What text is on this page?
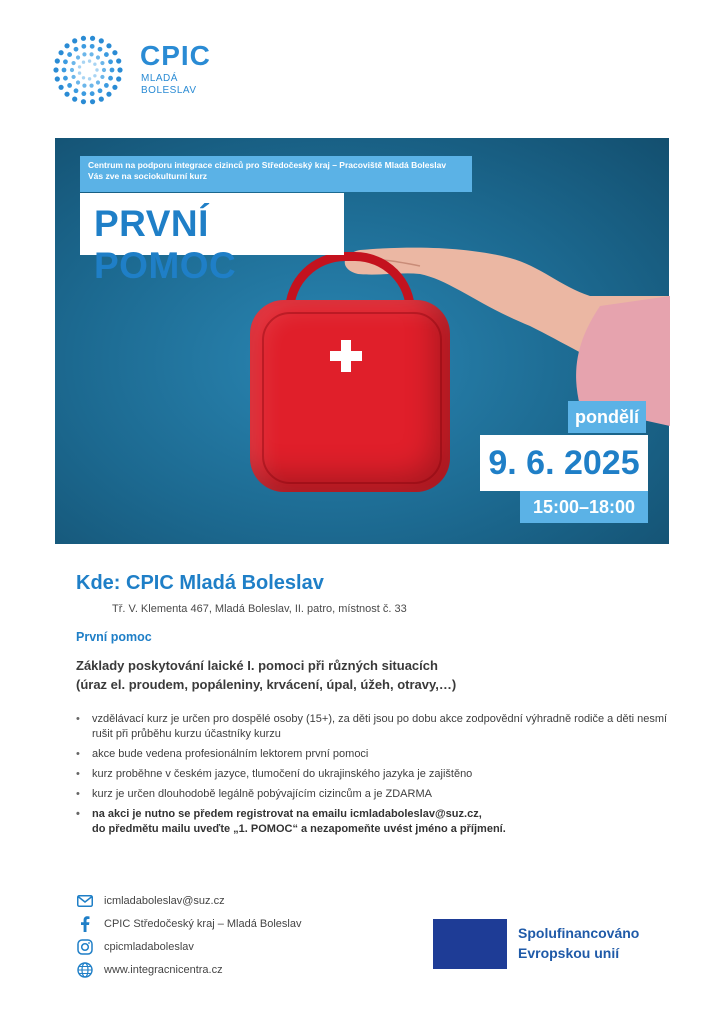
CPIC
MLADÁ
BOLESLAV
Centrum na podporu integrace cizinců pro Středočeský kraj – Pracoviště Mladá Boleslav
Vás zve na sociokulturní kurz
PRVNÍ POMOC
pondělí
9. 6. 2025
15:00–18:00
Kde: CPIC Mladá Boleslav
Tř. V. Klementa 467, Mladá Boleslav, II. patro, místnost č. 33
První pomoc
Základy poskytování laické I. pomoci při různých situacích
(úraz el. proudem, popáleniny, krvácení, úpal, úžeh, otravy,…)
• vzdělávací kurz je určen pro dospělé osoby (15+), za děti jsou po dobu akce zodpovědní výhradně rodiče a děti nesmí rušit při průběhu kurzu účastníky kurzu
• akce bude vedena profesionálním lektorem první pomoci
• kurz proběhne v českém jazyce, tlumočení do ukrajinského jazyka je zajištěno
• kurz je určen dlouhodobě legálně pobývajícím cizincům a je ZDARMA
• na akci je nutno se předem registrovat na emailu icmladaboleslav@suz.cz,
do předmětu mailu uveďte „1. POMOC“ a nezapomeňte uvést jméno a příjmení.
icmladaboleslav@suz.cz
CPIC Středočeský kraj – Mladá Boleslav
cpicmladaboleslav
www.integracnicentra.cz
Spolufinancováno
Evropskou unií
